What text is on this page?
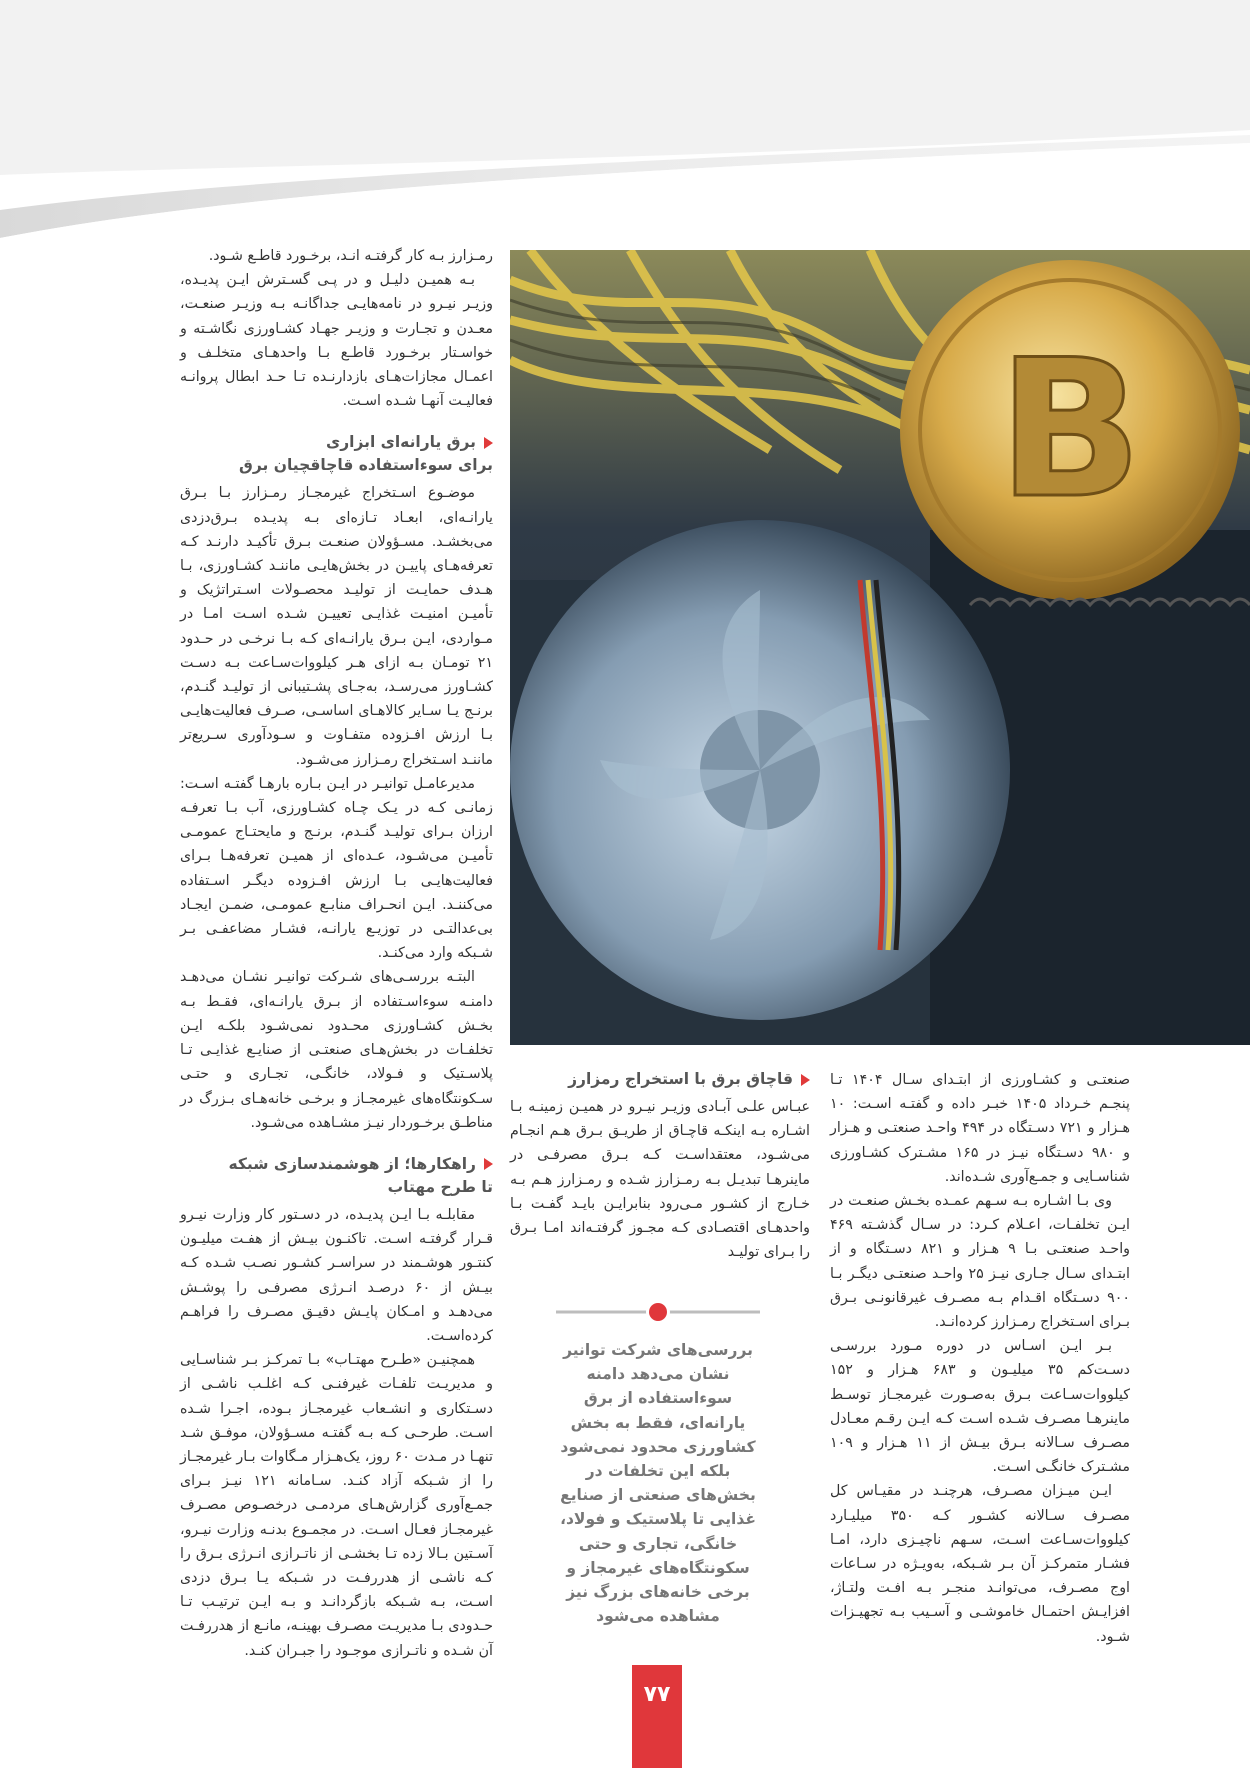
B

رمـزارز بـه کار گرفتـه انـد، برخـورد قاطـع شـود.

بـه همیـن دلیـل و در پـی گسـترش ایـن پدیـده، وزیـر نیـرو در نامه‌هایـی جداگانـه بـه وزیـر صنعـت، معـدن و تجـارت و وزیـر جهـاد کشـاورزی نگاشـته و خواسـتار برخـورد قاطـع بـا واحدهـای متخلـف و اعمـال مجازات‌هـای بازدارنـده تـا حـد ابطال پروانـه فعالیـت آنهـا شـده اسـت.

برق یارانه‌ای ابزاری
برای سوءاستفاده قاچاقچیان برق

موضـوع اسـتخراج غیرمجـاز رمـزارز بـا بـرق یارانـه‌ای، ابعـاد تـازه‌ای بـه پدیـده بـرق‌دزدی می‌بخشـد. مسـؤولان صنعـت بـرق تأکیـد دارنـد کـه تعرفه‌هـای پاییـن در بخش‌هایـی ماننـد کشـاورزی، بـا هـدف حمایـت از تولیـد محصـولات اسـتراتژیک و تأمیـن امنیـت غذایـی تعییـن شـده اسـت امـا در مـواردی، ایـن بـرق یارانـه‌ای کـه بـا نرخـی در حـدود ۲۱ تومـان بـه ازای هـر کیلووات‌سـاعت بـه دسـت کشـاورز می‌رسـد، به‌جـای پشـتیبانی از تولیـد گنـدم، برنـج یـا سـایر کالاهـای اساسـی، صـرف فعالیت‌هایـی بـا ارزش افـزوده متفـاوت و سـودآوری سـریع‌تر ماننـد اسـتخراج رمـزارز می‌شـود.

مدیرعامـل توانیـر در ایـن بـاره بارهـا گفتـه اسـت: زمانـی کـه در یـک چـاه کشـاورزی، آب بـا تعرفـه ارزان بـرای تولیـد گنـدم، برنـج و مایحتـاج عمومـی تأمیـن می‌شـود، عـده‌ای از همیـن تعرفه‌هـا بـرای فعالیت‌هایـی بـا ارزش افـزوده دیگـر اسـتفاده می‌کننـد. ایـن انحـراف منابـع عمومـی، ضمـن ایجـاد بی‌عدالتـی در توزیـع یارانـه، فشـار مضاعفـی بـر شـبکه وارد می‌کنـد.

البتـه بررسـی‌های شـرکت توانیـر نشـان می‌دهـد دامنـه سوءاسـتفاده از بـرق یارانـه‌ای، فقـط بـه بخـش کشـاورزی محـدود نمی‌شـود بلکـه ایـن تخلفـات در بخش‌هـای صنعتـی از صنایـع غذایـی تـا پلاسـتیک و فـولاد، خانگـی، تجـاری و حتـی سـکونتگاه‌های غیرمجـاز و برخـی خانه‌هـای بـزرگ در مناطـق برخـوردار نیـز مشـاهده می‌شـود.

راهکارها؛ از هوشمندسازی شبکه
تا طرح مهتاب

مقابلـه بـا ایـن پدیـده، در دسـتور کار وزارت نیـرو قـرار گرفتـه اسـت. تاکنـون بیـش از هفـت میلیـون کنتـور هوشـمند در سراسـر کشـور نصـب شـده کـه بیـش از ۶۰ درصـد انـرژی مصرفـی را پوشـش می‌دهـد و امـکان پایـش دقیـق مصـرف را فراهـم کرده‌اسـت.

همچنیـن «طـرح مهتـاب» بـا تمرکـز بـر شناسـایی و مدیریـت تلفـات غیرفنـی کـه اغلـب ناشـی از دسـتکاری و انشـعاب غیرمجـاز بـوده، اجـرا شـده اسـت. طرحـی کـه بـه گفتـه مسـؤولان، موفـق شـد تنهـا در مـدت ۶۰ روز، یک‌هـزار مـگاوات بـار غیرمجـاز را از شـبکه آزاد کنـد. سـامانه ۱۲۱ نیـز بـرای جمـع‌آوری گزارش‌هـای مردمـی درخصـوص مصـرف غیرمجـاز فعـال اسـت. در مجمـوع بدنـه وزارت نیـرو، آسـتین بـالا زده تـا بخشـی از ناتـرازی انـرژی بـرق را کـه ناشـی از هدررفـت در شـبکه یـا بـرق دزدی اسـت، بـه شـبکه بازگردانـد و بـه ایـن ترتیـب تـا حـدودی بـا مدیریـت مصـرف بهینـه، مانـع از هدررفـت آن شـده و ناتـرازی موجـود را جبـران کنـد.

قاچاق برق با استخراج رمزارز

عبـاس علـی آبـادی وزیـر نیـرو در همیـن زمینـه بـا اشـاره بـه اینکـه قاچـاق از طریـق بـرق هـم انجـام می‌شـود، معتقداسـت کـه بـرق مصرفـی در ماینرهـا تبدیـل بـه رمـزارز شـده و رمـزارز هـم بـه خـارج از کشـور مـی‌رود بنابرایـن بایـد گفـت بـا واحدهـای اقتصـادی کـه مجـوز گرفتـه‌اند امـا بـرق را بـرای تولیـد

بررسی‌های شرکت توانیر نشان می‌دهد دامنه سوءاستفاده از برق یارانه‌ای، فقط به بخش کشاورزی محدود نمی‌شود بلکه این تخلفات در بخش‌های صنعتی از صنایع غذایی تا پلاستیک و فولاد، خانگی، تجاری و حتی سکونتگاه‌های غیرمجاز و برخی خانه‌های بزرگ نیز مشاهده می‌شود

صنعتـی و کشـاورزی از ابتـدای سـال ۱۴۰۴ تـا پنجـم خـرداد ۱۴۰۵ خبـر داده و گفتـه اسـت: ۱۰ هـزار و ۷۲۱ دسـتگاه در ۴۹۴ واحـد صنعتـی و هـزار و ۹۸۰ دسـتگاه نیـز در ۱۶۵ مشـترک کشـاورزی شناسـایی و جمـع‌آوری شـده‌اند.

وی بـا اشـاره بـه سـهم عمـده بخـش صنعـت در ایـن تخلفـات، اعـلام کـرد: در سـال گذشـته ۴۶۹ واحـد صنعتـی بـا ۹ هـزار و ۸۲۱ دسـتگاه و از ابتـدای سـال جـاری نیـز ۲۵ واحـد صنعتـی دیگـر بـا ۹۰۰ دسـتگاه اقـدام بـه مصـرف غیرقانونـی بـرق بـرای اسـتخراج رمـزارز کرده‌انـد.

بـر ایـن اسـاس در دوره مـورد بررسـی دسـت‌کم ۳۵ میلیـون و ۶۸۳ هـزار و ۱۵۲ کیلووات‌سـاعت بـرق به‌صـورت غیرمجـاز توسـط ماینرهـا مصـرف شـده اسـت کـه ایـن رقـم معـادل مصـرف سـالانه بـرق بیـش از ۱۱ هـزار و ۱۰۹ مشـترک خانگـی اسـت.

ایـن میـزان مصـرف، هرچنـد در مقیـاس کل مصـرف سـالانه کشـور کـه ۳۵۰ میلیـارد کیلووات‌سـاعت اسـت، سـهم ناچیـزی دارد، امـا فشـار متمرکـز آن بـر شـبکه، به‌ویـژه در سـاعات اوج مصـرف، می‌توانـد منجـر بـه افـت ولتـاژ، افزایـش احتمـال خاموشـی و آسـیب بـه تجهیـزات شـود.

۷۷
